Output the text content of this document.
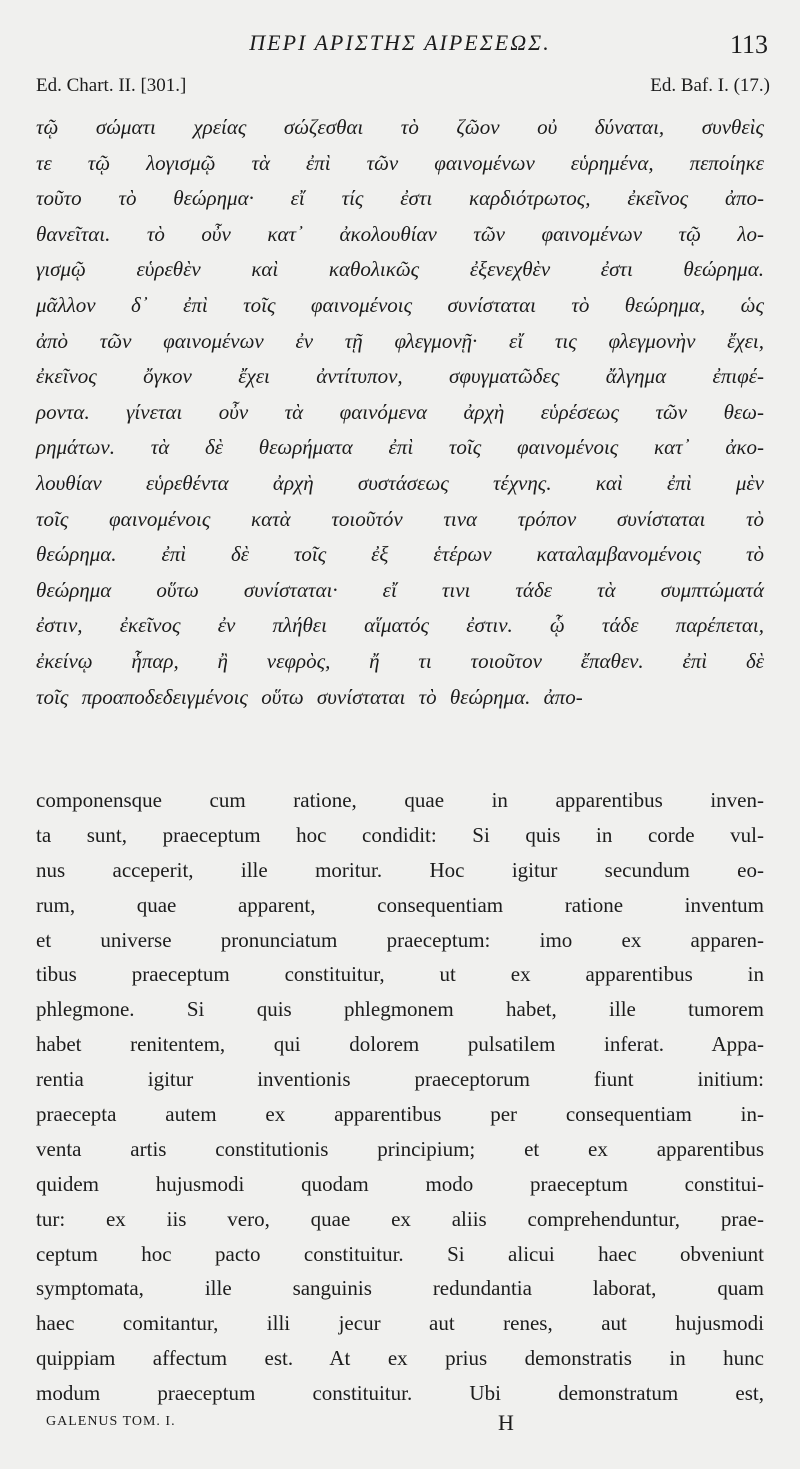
ΠΕΡΙ ΑΡΙΣΤΗΣ ΑΙΡΕΣΕΩΣ.	113
Ed. Chart. II. [301.]	Ed. Baf. I. (17.)
τῷ σώματι χρείας σώζεσθαι τὸ ζῶον οὐ δύναται, συνθεὶς
τε τῷ λογισμῷ τὰ ἐπὶ τῶν φαινομένων εὑρημένα, πεποίηκε
τοῦτο τὸ θεώρημα· εἴ τίς ἐστι καρδιότρωτος, ἐκεῖνος ἀπο-
θανεῖται. τὸ οὖν κατ᾽ ἀκολουθίαν τῶν φαινομένων τῷ λο-
γισμῷ εὑρεθὲν καὶ καθολικῶς ἐξενεχθὲν ἐστι θεώρημα.
μᾶλλον δ᾽ ἐπὶ τοῖς φαινομένοις συνίσταται τὸ θεώρημα, ὡς
ἀπὸ τῶν φαινομένων ἐν τῇ φλεγμονῇ· εἴ τις φλεγμονὴν ἔχει,
ἐκεῖνος ὄγκον ἔχει ἀντίτυπον, σφυγματῶδες ἄλγημα ἐπιφέ-
ροντα. γίνεται οὖν τὰ φαινόμενα ἀρχὴ εὑρέσεως τῶν θεω-
ρημάτων. τὰ δὲ θεωρήματα ἐπὶ τοῖς φαινομένοις κατ᾽ ἀκο-
λουθίαν εὑρεθέντα ἀρχὴ συστάσεως τέχνης. καὶ ἐπὶ μὲν
τοῖς φαινομένοις κατὰ τοιοῦτόν τινα τρόπον συνίσταται τὸ
θεώρημα. ἐπὶ δὲ τοῖς ἐξ ἑτέρων καταλαμβανομένοις τὸ
θεώρημα οὕτω συνίσταται· εἴ τινι τάδε τὰ συμπτώματά
ἐστιν, ἐκεῖνος ἐν πλήθει αἵματός ἐστιν. ᾧ τάδε παρέπεται,
ἐκείνῳ ἧπαρ, ἢ νεφρὸς, ἤ τι τοιοῦτον ἔπαθεν. ἐπὶ δὲ
τοῖς προαποδεδειγμένοις οὕτω συνίσταται τὸ θεώρημα. ἀπο-
componensque cum ratione, quae in apparentibus inven-
ta sunt, praeceptum hoc condidit: Si quis in corde vul-
nus acceperit, ille moritur. Hoc igitur secundum eo-
rum, quae apparent, consequentiam ratione inventum
et universe pronunciatum praeceptum: imo ex apparen-
tibus praeceptum constituitur, ut ex apparentibus in
phlegmone. Si quis phlegmonem habet, ille tumorem
habet renitentem, qui dolorem pulsatilem inferat. Appa-
rentia igitur inventionis praeceptorum fiunt initium:
praecepta autem ex apparentibus per consequentiam in-
venta artis constitutionis principium; et ex apparentibus
quidem hujusmodi quodam modo praeceptum constitui-
tur: ex iis vero, quae ex aliis comprehenduntur, prae-
ceptum hoc pacto constituitur. Si alicui haec obveniunt
symptomata, ille sanguinis redundantia laborat, quam
haec comitantur, illi jecur aut renes, aut hujusmodi
quippiam affectum est. At ex prius demonstratis in hunc
modum praeceptum constituitur. Ubi demonstratum est,
GALENUS TOM. I.	H
